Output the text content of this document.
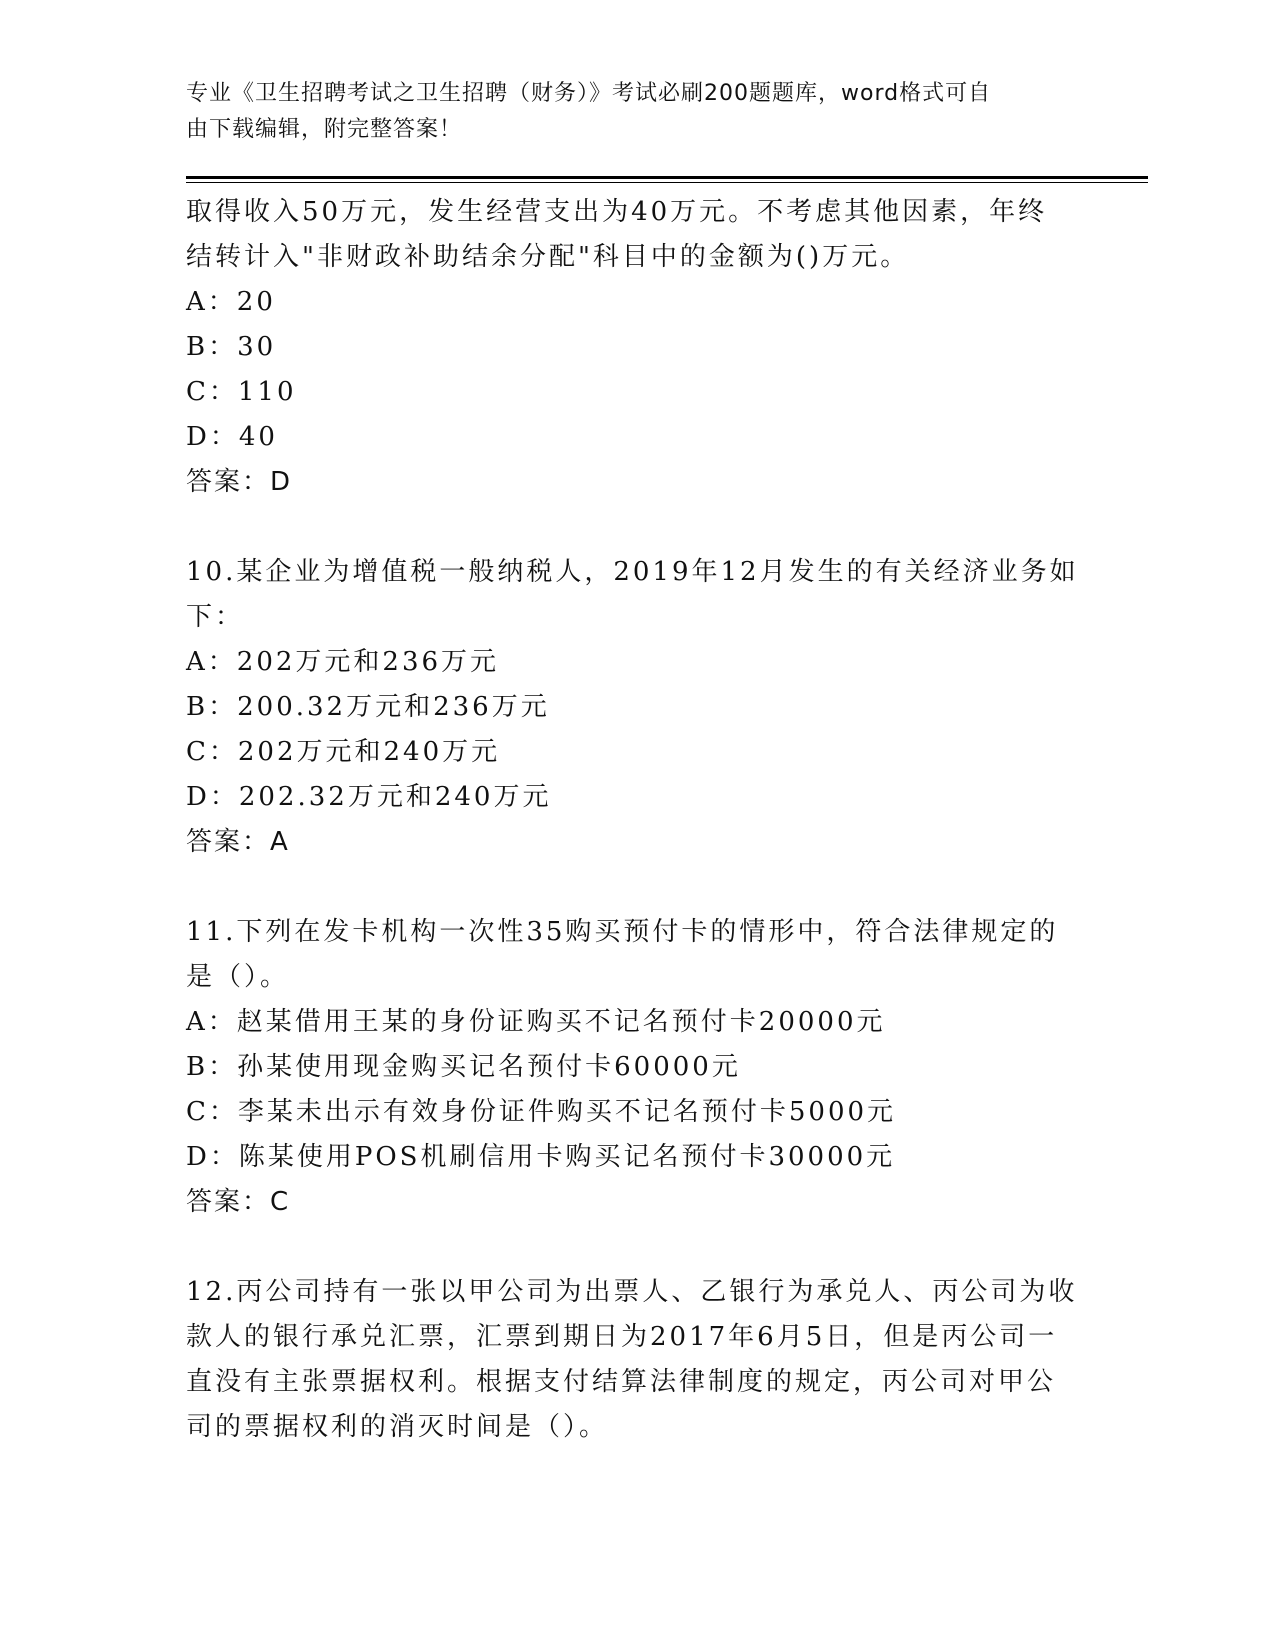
专业《卫生招聘考试之卫生招聘（财务）》考试必刷200题题库，word格式可自
由下载编辑，附完整答案！

取得收入50万元，发生经营支出为40万元。不考虑其他因素，年终

结转计入"非财政补助结余分配"科目中的金额为()万元。

A：20

B：30

C：110

D：40

答案：D

10.某企业为增值税一般纳税人，2019年12月发生的有关经济业务如

下：

A：202万元和236万元

B：200.32万元和236万元

C：202万元和240万元

D：202.32万元和240万元

答案：A

11.下列在发卡机构一次性35购买预付卡的情形中，符合法律规定的

是（）。

A：赵某借用王某的身份证购买不记名预付卡20000元

B：孙某使用现金购买记名预付卡60000元

C：李某未出示有效身份证件购买不记名预付卡5000元

D：陈某使用POS机刷信用卡购买记名预付卡30000元

答案：C

12.丙公司持有一张以甲公司为出票人、乙银行为承兑人、丙公司为收

款人的银行承兑汇票，汇票到期日为2017年6月5日，但是丙公司一

直没有主张票据权利。根据支付结算法律制度的规定，丙公司对甲公

司的票据权利的消灭时间是（）。
